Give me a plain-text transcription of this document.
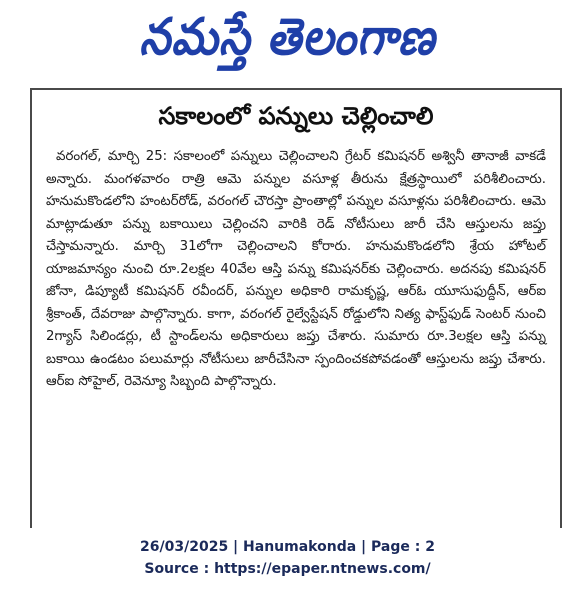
నమస్తే తెలంగాణ
సకాలంలో పన్నులు చెల్లించాలి
వరంగల్, మార్చి 25: సకాలంలో పన్నులు చెల్లించాలని గ్రేటర్ కమిషనర్ అశ్వినీ తానాజీ వాకడే అన్నారు. మంగళవారం రాత్రి ఆమె పన్నుల వసూళ్ల తీరును క్షేత్రస్థాయిలో పరిశీలించారు. హనుమకొండలోని హంటర్‌రోడ్, వరంగల్ చౌరస్తా ప్రాంతాల్లో పన్నుల వసూళ్లను పరిశీలించారు. ఆమె మాట్లాడుతూ పన్ను బకాయిలు చెల్లించని వారికి రెడ్ నోటీసులు జారీ చేసి ఆస్తులను జప్తు చేస్తామన్నారు. మార్చి 31లోగా చెల్లించాలని కోరారు. హనుమకొండలోని శ్రేయ హోటల్ యాజమాన్యం నుంచి రూ.2లక్షల 40వేల ఆస్తి పన్ను కమిషనర్‌కు చెల్లించారు. అదనపు కమిషనర్ జోనా, డిప్యూటీ కమిషనర్ రవీందర్, పన్నుల అధికారి రామకృష్ణ, ఆర్ఓ యూసుఫుద్దీన్, ఆర్ఐ శ్రీకాంత్, దేవరాజు పాల్గొన్నారు. కాగా, వరంగల్ రైల్వేస్టేషన్ రోడ్డులోని నిత్య ఫాస్ట్‌ఫుడ్ సెంటర్ నుంచి 2గ్యాస్ సిలిండర్లు, టీ స్టాండ్‌లను అధికారులు జప్తు చేశారు. సుమారు రూ.3లక్షల ఆస్తి పన్ను బకాయి ఉండటం పలుమార్లు నోటీసులు జారీచేసినా స్పందించకపోవడంతో ఆస్తులను జప్తు చేశారు. ఆర్ఐ సోహైల్, రెవెన్యూ సిబ్బంది పాల్గొన్నారు.
26/03/2025 | Hanumakonda | Page : 2
Source : https://epaper.ntnews.com/
